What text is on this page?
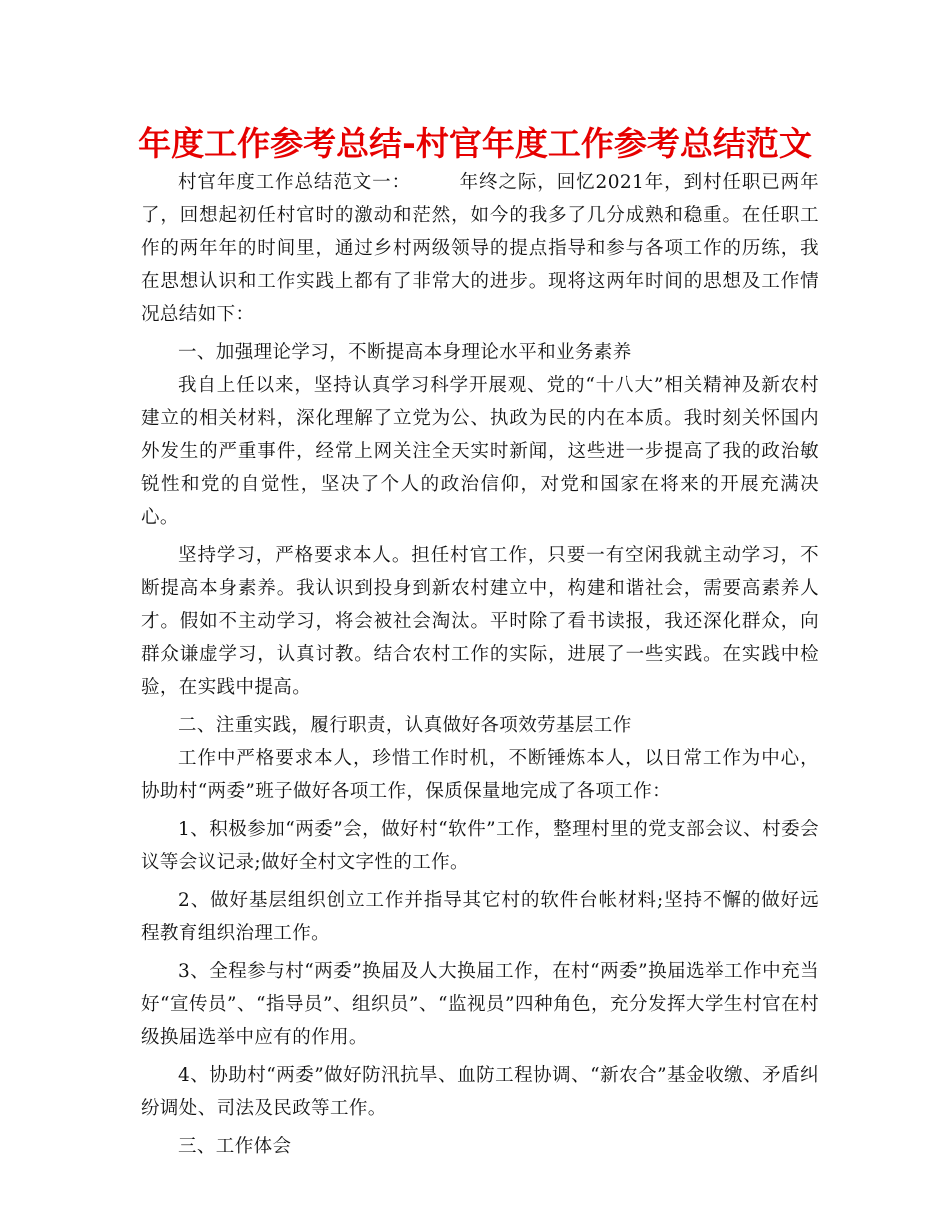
年度工作参考总结-村官年度工作参考总结范文

村官年度工作总结范文一：	年终之际，回忆2021年，到村任职已两年了，回想起初任村官时的激动和茫然，如今的我多了几分成熟和稳重。在任职工作的两年年的时间里，通过乡村两级领导的提点指导和参与各项工作的历练，我在思想认识和工作实践上都有了非常大的进步。现将这两年时间的思想及工作情况总结如下：

一、加强理论学习，不断提高本身理论水平和业务素养

我自上任以来，坚持认真学习科学开展观、党的“十八大”相关精神及新农村建立的相关材料，深化理解了立党为公、执政为民的内在本质。我时刻关怀国内外发生的严重事件，经常上网关注全天实时新闻，这些进一步提高了我的政治敏锐性和党的自觉性，坚决了个人的政治信仰，对党和国家在将来的开展充满决心。

坚持学习，严格要求本人。担任村官工作，只要一有空闲我就主动学习，不断提高本身素养。我认识到投身到新农村建立中，构建和谐社会，需要高素养人才。假如不主动学习，将会被社会淘汰。平时除了看书读报，我还深化群众，向群众谦虚学习，认真讨教。结合农村工作的实际，进展了一些实践。在实践中检验，在实践中提高。

二、注重实践，履行职责，认真做好各项效劳基层工作

工作中严格要求本人，珍惜工作时机，不断锤炼本人，以日常工作为中心，协助村“两委”班子做好各项工作，保质保量地完成了各项工作：

1、积极参加“两委”会，做好村“软件”工作，整理村里的党支部会议、村委会议等会议记录;做好全村文字性的工作。

2、做好基层组织创立工作并指导其它村的软件台帐材料;坚持不懈的做好远程教育组织治理工作。

3、全程参与村“两委”换届及人大换届工作，在村“两委”换届选举工作中充当好“宣传员”、“指导员”、组织员”、“监视员”四种角色，充分发挥大学生村官在村级换届选举中应有的作用。

4、协助村“两委”做好防汛抗旱、血防工程协调、“新农合”基金收缴、矛盾纠纷调处、司法及民政等工作。

三、工作体会
